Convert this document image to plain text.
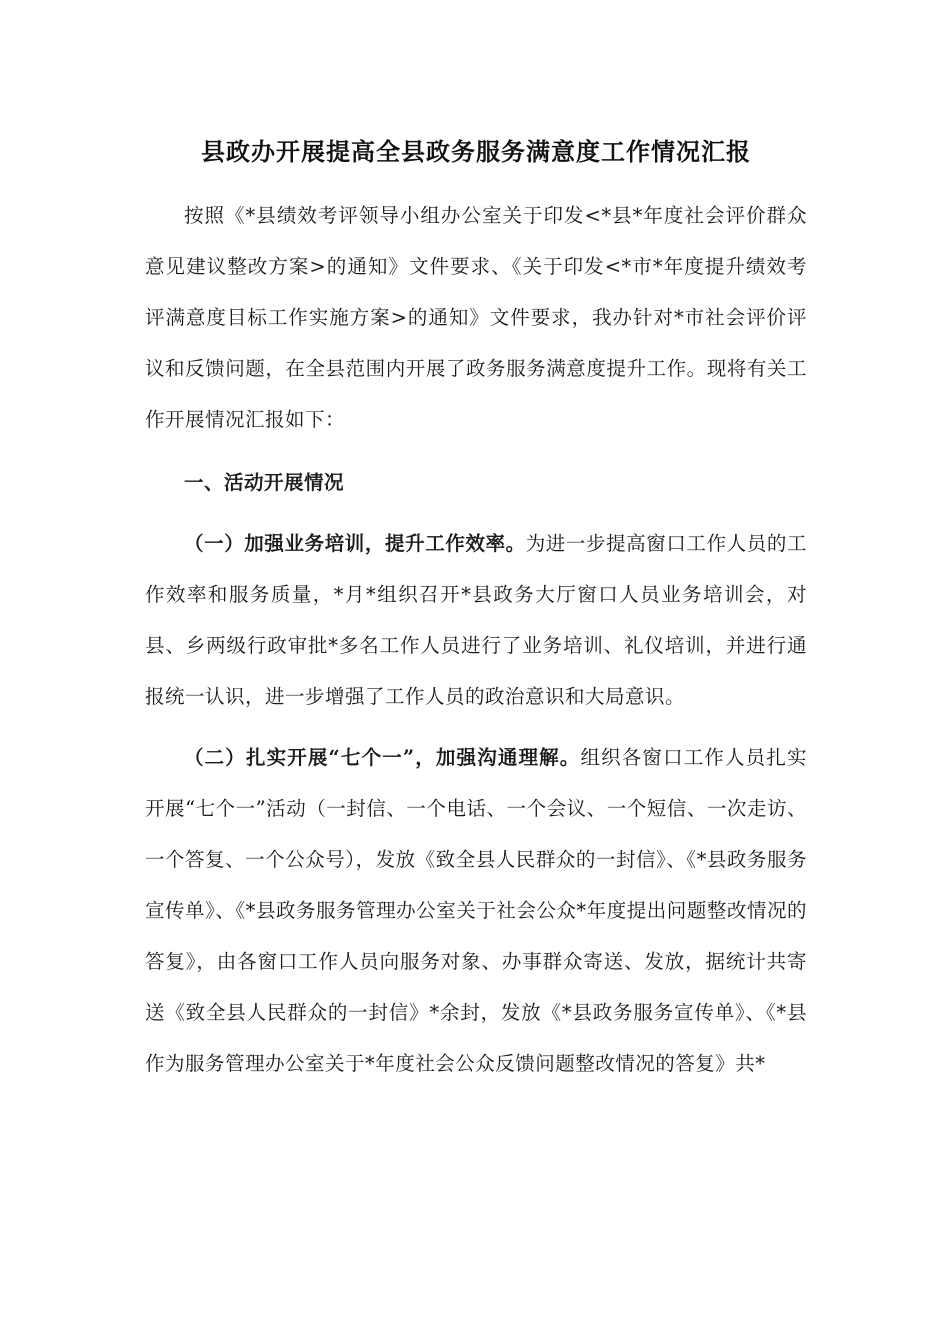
县政办开展提高全县政务服务满意度工作情况汇报

按照《*县绩效考评领导小组办公室关于印发<*县*年度社会评价群众意见建议整改方案>的通知》文件要求、《关于印发<*市*年度提升绩效考评满意度目标工作实施方案>的通知》文件要求，我办针对*市社会评价评议和反馈问题，在全县范围内开展了政务服务满意度提升工作。现将有关工作开展情况汇报如下：

一、活动开展情况

（一）加强业务培训，提升工作效率。为进一步提高窗口工作人员的工作效率和服务质量，*月*组织召开*县政务大厅窗口人员业务培训会，对县、乡两级行政审批*多名工作人员进行了业务培训、礼仪培训，并进行通报统一认识，进一步增强了工作人员的政治意识和大局意识。

（二）扎实开展“七个一”，加强沟通理解。组织各窗口工作人员扎实开展“七个一”活动（一封信、一个电话、一个会议、一个短信、一次走访、一个答复、一个公众号），发放《致全县人民群众的一封信》、《*县政务服务宣传单》、《*县政务服务管理办公室关于社会公众*年度提出问题整改情况的答复》，由各窗口工作人员向服务对象、办事群众寄送、发放，据统计共寄送《致全县人民群众的一封信》*余封，发放《*县政务服务宣传单》、《*县作为服务管理办公室关于*年度社会公众反馈问题整改情况的答复》共*
